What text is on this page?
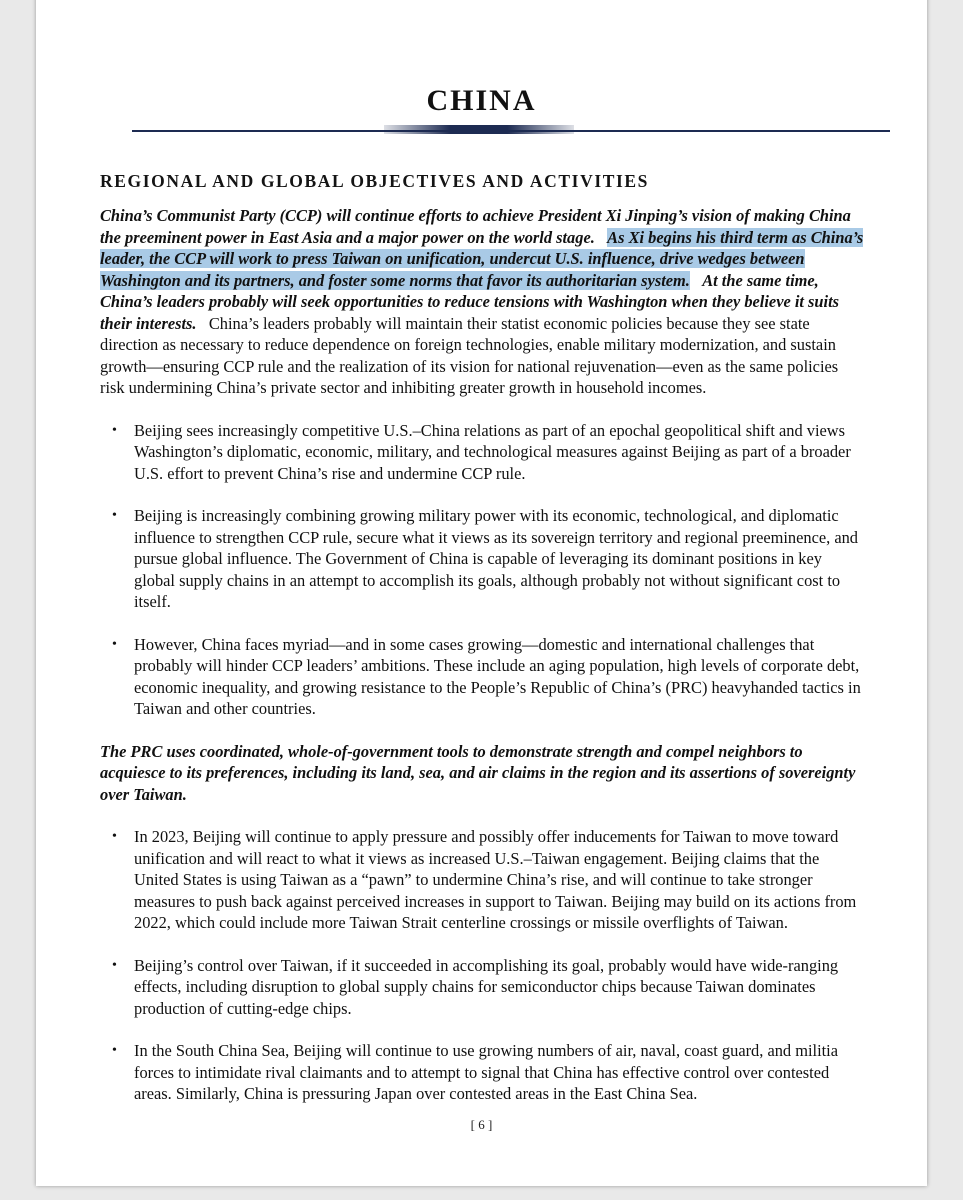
CHINA
REGIONAL AND GLOBAL OBJECTIVES AND ACTIVITIES

China’s Communist Party (CCP) will continue efforts to achieve President Xi Jinping’s vision of making China the preeminent power in East Asia and a major power on the world stage. As Xi begins his third term as China’s leader, the CCP will work to press Taiwan on unification, undercut U.S. influence, drive wedges between Washington and its partners, and foster some norms that favor its authoritarian system. At the same time, China’s leaders probably will seek opportunities to reduce tensions with Washington when they believe it suits their interests. China’s leaders probably will maintain their statist economic policies because they see state direction as necessary to reduce dependence on foreign technologies, enable military modernization, and sustain growth—ensuring CCP rule and the realization of its vision for national rejuvenation—even as the same policies risk undermining China’s private sector and inhibiting greater growth in household incomes.

• Beijing sees increasingly competitive U.S.–China relations as part of an epochal geopolitical shift and views Washington’s diplomatic, economic, military, and technological measures against Beijing as part of a broader U.S. effort to prevent China’s rise and undermine CCP rule.
• Beijing is increasingly combining growing military power with its economic, technological, and diplomatic influence to strengthen CCP rule, secure what it views as its sovereign territory and regional preeminence, and pursue global influence. The Government of China is capable of leveraging its dominant positions in key global supply chains in an attempt to accomplish its goals, although probably not without significant cost to itself.
• However, China faces myriad—and in some cases growing—domestic and international challenges that probably will hinder CCP leaders’ ambitions. These include an aging population, high levels of corporate debt, economic inequality, and growing resistance to the People’s Republic of China’s (PRC) heavyhanded tactics in Taiwan and other countries.

The PRC uses coordinated, whole-of-government tools to demonstrate strength and compel neighbors to acquiesce to its preferences, including its land, sea, and air claims in the region and its assertions of sovereignty over Taiwan.

• In 2023, Beijing will continue to apply pressure and possibly offer inducements for Taiwan to move toward unification and will react to what it views as increased U.S.–Taiwan engagement. Beijing claims that the United States is using Taiwan as a “pawn” to undermine China’s rise, and will continue to take stronger measures to push back against perceived increases in support to Taiwan. Beijing may build on its actions from 2022, which could include more Taiwan Strait centerline crossings or missile overflights of Taiwan.
• Beijing’s control over Taiwan, if it succeeded in accomplishing its goal, probably would have wide-ranging effects, including disruption to global supply chains for semiconductor chips because Taiwan dominates production of cutting-edge chips.
• In the South China Sea, Beijing will continue to use growing numbers of air, naval, coast guard, and militia forces to intimidate rival claimants and to attempt to signal that China has effective control over contested areas. Similarly, China is pressuring Japan over contested areas in the East China Sea.
[ 6 ]
